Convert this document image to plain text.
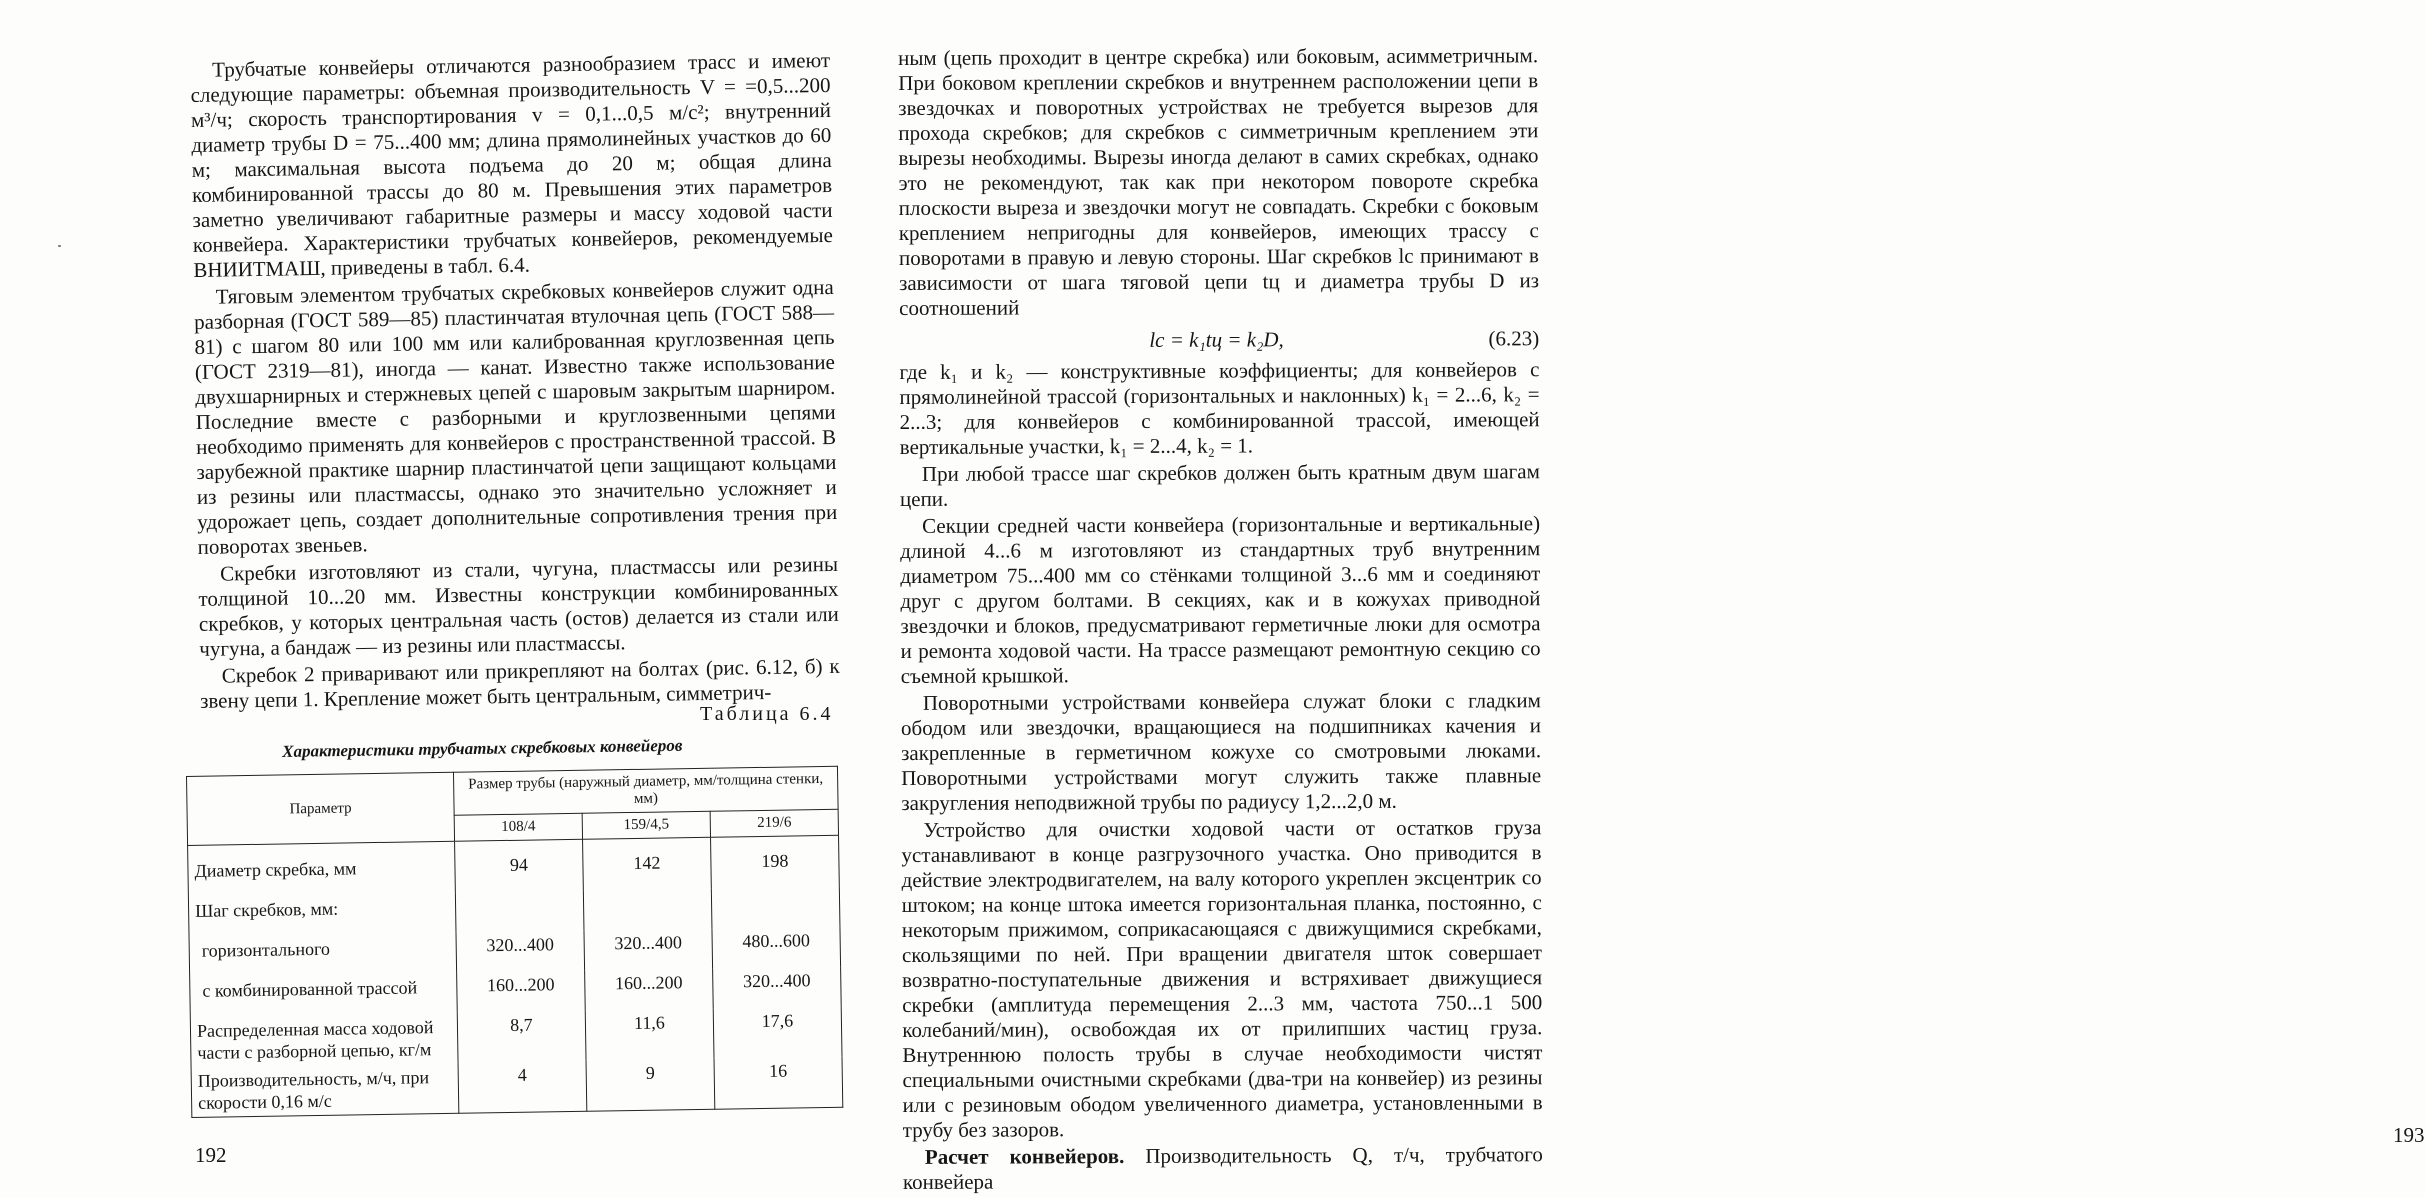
Трубчатые конвейеры отличаются разнообразием трасс и имеют следующие параметры: объемная производительность V = =0,5...200 м³/ч; скорость транспортирования v = 0,1...0,5 м/с²; внутренний диаметр трубы D = 75...400 мм; длина прямолинейных участков до 60 м; максимальная высота подъема до 20 м; общая длина комбинированной трассы до 80 м. Превышения этих параметров заметно увеличивают габаритные размеры и массу ходовой части конвейера. Характеристики трубчатых конвейеров, рекомендуемые ВНИИТМАШ, приведены в табл. 6.4.

Тяговым элементом трубчатых скребковых конвейеров служит одна разборная (ГОСТ 589—85) пластинчатая втулочная цепь (ГОСТ 588—81) с шагом 80 или 100 мм или калиброванная круглозвенная цепь (ГОСТ 2319—81), иногда — канат. Известно также использование двухшарнирных и стержневых цепей с шаровым закрытым шарниром. Последние вместе с разборными и круглозвенными цепями необходимо применять для конвейеров с пространственной трассой. В зарубежной практике шарнир пластинчатой цепи защищают кольцами из резины или пластмассы, однако это значительно усложняет и удорожает цепь, создает дополнительные сопротивления трения при поворотах звеньев.

Скребки изготовляют из стали, чугуна, пластмассы или резины толщиной 10...20 мм. Известны конструкции комбинированных скребков, у которых центральная часть (остов) делается из стали или чугуна, а бандаж — из резины или пластмассы.

Скребок 2 приваривают или прикрепляют на болтах (рис. 6.12, б) к звену цепи 1. Крепление может быть центральным, симметрич-

Таблица 6.4
Характеристики трубчатых скребковых конвейеров
Параметр	Размер трубы (наружный диаметр, мм/толщина стенки, мм)		
	108/4	159/4,5	219/6
Диаметр скребка, мм	94	142	198
Шаг скребков, мм:			
горизонтального	320...400	320...400	480...600
с комбинированной трассой	160...200	160...200	320...400
Распределенная масса ходовой части с разборной цепью, кг/м	8,7	11,6	17,6
Производительность, м/ч, при скорости 0,16 м/с	4	9	16
192

ным (цепь проходит в центре скребка) или боковым, асимметричным. При боковом креплении скребков и внутреннем расположении цепи в звездочках и поворотных устройствах не требуется вырезов для прохода скребков; для скребков с симметричным креплением эти вырезы необходимы. Вырезы иногда делают в самих скребках, однако это не рекомендуют, так как при некотором повороте скребка плоскости выреза и звездочки могут не совпадать. Скребки с боковым креплением непригодны для конвейеров, имеющих трассу с поворотами в правую и левую стороны. Шаг скребков lс принимают в зависимости от шага тяговой цепи tц и диаметра трубы D из соотношений

lс = k₁tц = k₂D,	(6.23)

где k₁ и k₂ — конструктивные коэффициенты; для конвейеров с прямолинейной трассой (горизонтальных и наклонных) k₁ = 2...6, k₂ = 2...3; для конвейеров с комбинированной трассой, имеющей вертикальные участки, k₁ = 2...4, k₂ = 1.

При любой трассе шаг скребков должен быть кратным двум шагам цепи.

Секции средней части конвейера (горизонтальные и вертикальные) длиной 4...6 м изготовляют из стандартных труб внутренним диаметром 75...400 мм со стёнками толщиной 3...6 мм и соединяют друг с другом болтами. В секциях, как и в кожухах приводной звездочки и блоков, предусматривают герметичные люки для осмотра и ремонта ходовой части. На трассе размещают ремонтную секцию со съемной крышкой.

Поворотными устройствами конвейера служат блоки с гладким ободом или звездочки, вращающиеся на подшипниках качения и закрепленные в герметичном кожухе со смотровыми люками. Поворотными устройствами могут служить также плавные закругления неподвижной трубы по радиусу 1,2...2,0 м.

Устройство для очистки ходовой части от остатков груза устанавливают в конце разгрузочного участка. Оно приводится в действие электродвигателем, на валу которого укреплен эксцентрик со штоком; на конце штока имеется горизонтальная планка, постоянно, с некоторым прижимом, соприкасающаяся с движущимися скребками, скользящими по ней. При вращении двигателя шток совершает возвратно-поступательные движения и встряхивает движущиеся скребки (амплитуда перемещения 2...3 мм, частота 750...1 500 колебаний/мин), освобождая их от прилипших частиц груза. Внутреннюю полость трубы в случае необходимости чистят специальными очистными скребками (два-три на конвейер) из резины или с резиновым ободом увеличенного диаметра, установленными в трубу без зазоров.

Расчет конвейеров. Производительность Q, т/ч, трубчатого конвейера

193
